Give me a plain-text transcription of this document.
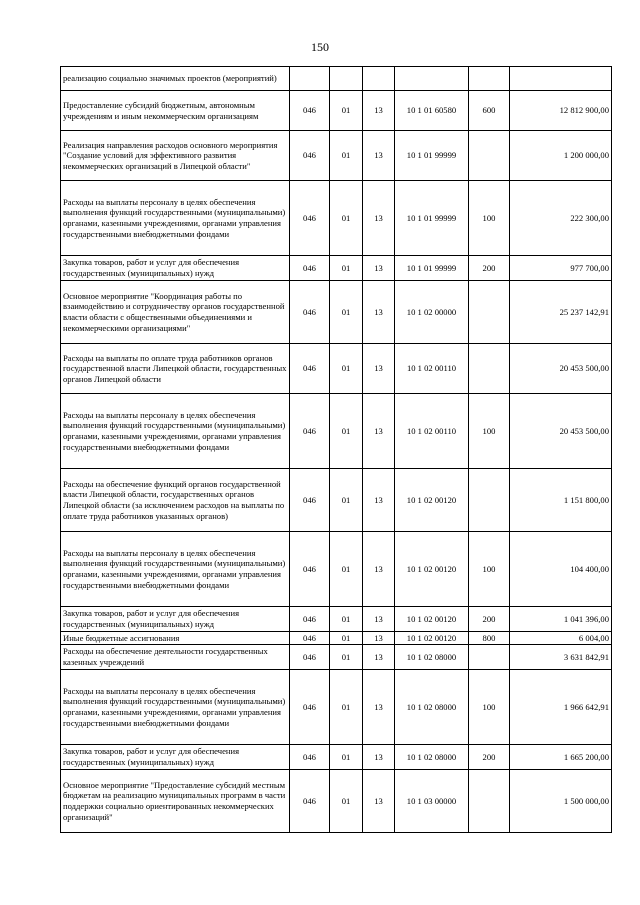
150
реализацию социально значимых проектов (мероприятий)						
Предоставление субсидий бюджетным, автономным учреждениям и иным некоммерческим организациям	046	01	13	10 1 01 60580	600	12 812 900,00
Реализация направления расходов основного мероприятия "Создание условий для эффективного развития некоммерческих организаций в Липецкой области"	046	01	13	10 1 01 99999		1 200 000,00
Расходы на выплаты персоналу в целях обеспечения выполнения функций государственными (муниципальными) органами, казенными учреждениями, органами управления государственными внебюджетными фондами	046	01	13	10 1 01 99999	100	222 300,00
Закупка товаров, работ и услуг для обеспечения государственных (муниципальных) нужд	046	01	13	10 1 01 99999	200	977 700,00
Основное мероприятие "Координация работы по взаимодействию и сотрудничеству органов государственной власти области с общественными объединениями и некоммерческими организациями"	046	01	13	10 1 02 00000		25 237 142,91
Расходы на выплаты по оплате труда работников органов государственной власти Липецкой области, государственных органов Липецкой области	046	01	13	10 1 02 00110		20 453 500,00
Расходы на выплаты персоналу в целях обеспечения выполнения функций государственными (муниципальными) органами, казенными учреждениями, органами управления государственными внебюджетными фондами	046	01	13	10 1 02 00110	100	20 453 500,00
Расходы на обеспечение функций органов государственной власти Липецкой области, государственных органов Липецкой области (за исключением расходов на выплаты по оплате труда работников указанных органов)	046	01	13	10 1 02 00120		1 151 800,00
Расходы на выплаты персоналу в целях обеспечения выполнения функций государственными (муниципальными) органами, казенными учреждениями, органами управления государственными внебюджетными фондами	046	01	13	10 1 02 00120	100	104 400,00
Закупка товаров, работ и услуг для обеспечения государственных (муниципальных) нужд	046	01	13	10 1 02 00120	200	1 041 396,00
Иные бюджетные ассигнования	046	01	13	10 1 02 00120	800	6 004,00
Расходы на обеспечение деятельности государственных казенных учреждений	046	01	13	10 1 02 08000		3 631 842,91
Расходы на выплаты персоналу в целях обеспечения выполнения функций государственными (муниципальными) органами, казенными учреждениями, органами управления государственными внебюджетными фондами	046	01	13	10 1 02 08000	100	1 966 642,91
Закупка товаров, работ и услуг для обеспечения государственных (муниципальных) нужд	046	01	13	10 1 02 08000	200	1 665 200,00
Основное мероприятие "Предоставление субсидий местным бюджетам на реализацию муниципальных программ в части поддержки социально ориентированных некоммерческих организаций"	046	01	13	10 1 03 00000		1 500 000,00
